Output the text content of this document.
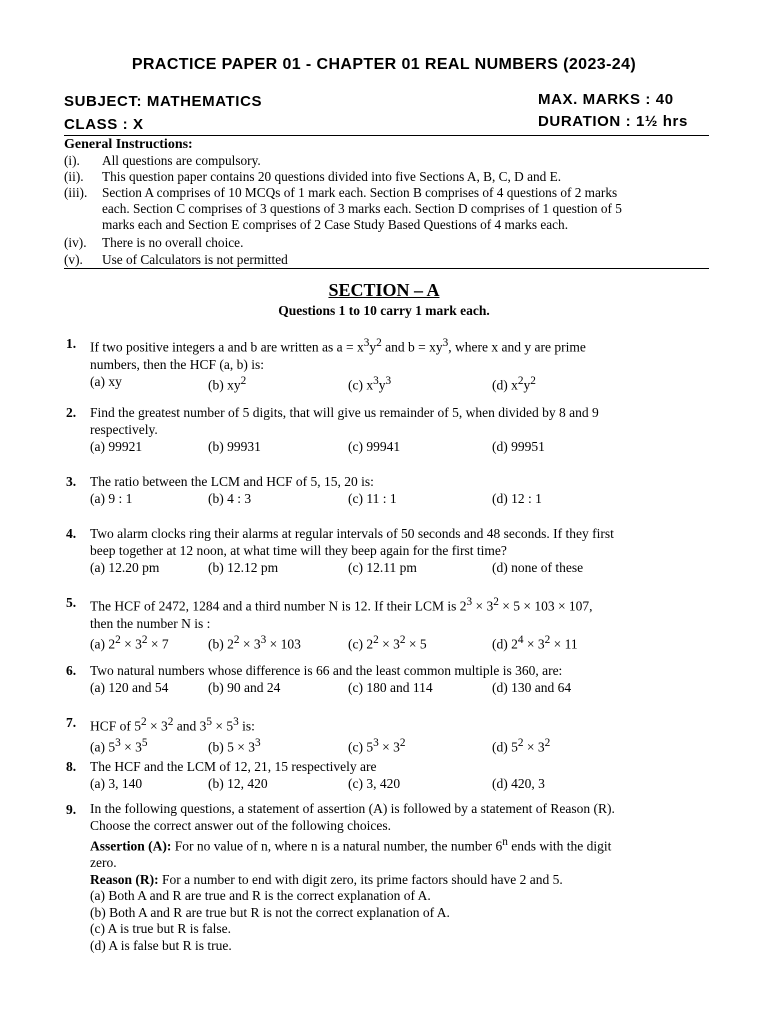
PRACTICE PAPER 01 - CHAPTER 01 REAL NUMBERS (2023-24)
SUBJECT: MATHEMATICS
CLASS : X
MAX. MARKS : 40
DURATION : 1½ hrs
General Instructions:
(i). All questions are compulsory.
(ii). This question paper contains 20 questions divided into five Sections A, B, C, D and E.
(iii). Section A comprises of 10 MCQs of 1 mark each. Section B comprises of 4 questions of 2 marks
each. Section C comprises of 3 questions of 3 marks each. Section D comprises of 1 question of 5
marks each and Section E comprises of 2 Case Study Based Questions of 4 marks each.
(iv). There is no overall choice.
(v). Use of Calculators is not permitted
SECTION – A
Questions 1 to 10 carry 1 mark each.
1. If two positive integers a and b are written as $a = x^3y^2$ and $b = xy^3$, where x and y are prime
numbers, then the HCF (a, b) is:
(a) xy	(b) $xy^2$	(c) $x^3y^3$	(d) $x^2y^2$
2. Find the greatest number of 5 digits, that will give us remainder of 5, when divided by 8 and 9
respectively.
(a) 99921	(b) 99931	(c) 99941	(d) 99951
3. The ratio between the LCM and HCF of 5, 15, 20 is:
(a) 9 : 1	(b) 4 : 3	(c) 11 : 1	(d) 12 : 1
4. Two alarm clocks ring their alarms at regular intervals of 50 seconds and 48 seconds. If they first
beep together at 12 noon, at what time will they beep again for the first time?
(a) 12.20 pm	(b) 12.12 pm	(c) 12.11 pm	(d) none of these
5. The HCF of 2472, 1284 and a third number N is 12. If their LCM is $2^3 \times 3^2 \times 5 \times 103 \times 107$,
then the number N is :
(a) $2^2 \times 3^2 \times 7$	(b) $2^2 \times 3^3 \times 103$	(c) $2^2 \times 3^2 \times 5$	(d) $2^4 \times 3^2 \times 11$
6. Two natural numbers whose difference is 66 and the least common multiple is 360, are:
(a) 120 and 54	(b) 90 and 24	(c) 180 and 114	(d) 130 and 64
7. HCF of $5^2 \times 3^2$ and $3^5 \times 5^3$ is:
(a) $5^3 \times 3^5$	(b) $5 \times 3^3$	(c) $5^3 \times 3^2$	(d) $5^2 \times 3^2$
8. The HCF and the LCM of 12, 21, 15 respectively are
(a) 3, 140	(b) 12, 420	(c) 3, 420	(d) 420, 3
9. In the following questions, a statement of assertion (A) is followed by a statement of Reason (R).
Choose the correct answer out of the following choices.
Assertion (A): For no value of n, where n is a natural number, the number 6$^n$ ends with the digit
zero.
Reason (R): For a number to end with digit zero, its prime factors should have 2 and 5.
(a) Both A and R are true and R is the correct explanation of A.
(b) Both A and R are true but R is not the correct explanation of A.
(c) A is true but R is false.
(d) A is false but R is true.
